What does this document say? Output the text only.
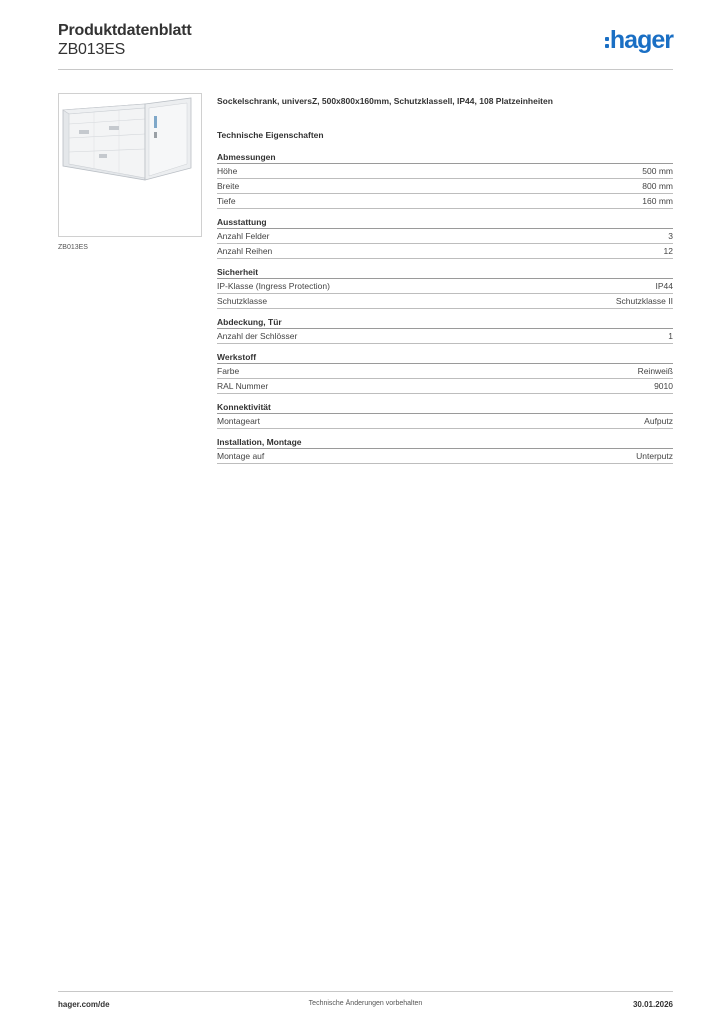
Produktdatenblatt
ZB013ES	hager
ZB013ES
Sockelschrank, universZ, 500x800x160mm, Schutzklassell, IP44, 108 Platzeinheiten
Technische Eigenschaften
Abmessungen
Höhe	500 mm
Breite	800 mm
Tiefe	160 mm
Ausstattung
Anzahl Felder	3
Anzahl Reihen	12
Sicherheit
IP-Klasse (Ingress Protection)	IP44
Schutzklasse	Schutzklasse II
Abdeckung, Tür
Anzahl der Schlösser	1
Werkstoff
Farbe	Reinweiß
RAL Nummer	9010
Konnektivität
Montageart	Aufputz
Installation, Montage
Montage auf	Unterputz
hager.com/de	Technische Änderungen vorbehalten	30.01.2026
